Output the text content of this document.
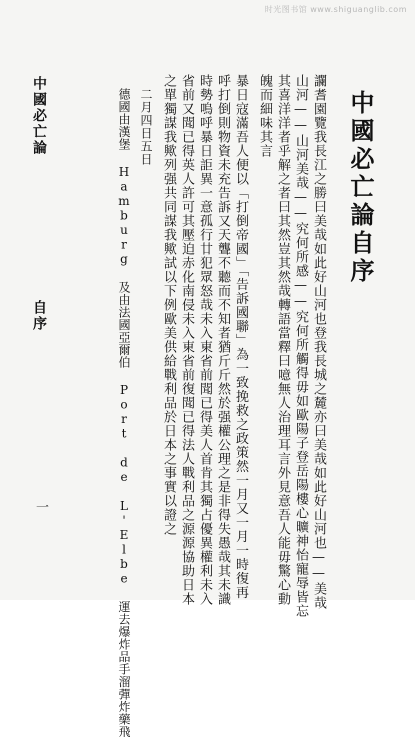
时光图书馆 www.shiguanglib.com
中國必亡論自序
讕耆園覽我長江之勝曰美哉如此好山河也登我長城之麓亦曰美哉如此好山河也——美哉
山河——山河美哉——究何所感——究何所觸得毋如歐陽子登岳陽樓心曠神怡寵辱皆忘
其喜洋洋者乎解之者曰其然豈其然哉轉語當釋曰噫無人治理耳言外見意吾人能毋驚心動
魄而細味其言
暴日寇滿吾人便以「打倒帝國」「告訴國聯」為一致挽救之政策然一月又一月一時復再
呼打倒則物資未充告訴又天聾不聽而不知者猶斤斤然於强權公理之是非得失愚哉其未識
時勢嗚呼暴日詎異一意孤行廿犯眾怒哉未入東省前聞已得美人首肯其獨占優異權利未入
省前又聞已得英人許可其壓迫赤化南侵未入東省前復聞已得法人戰利品之源源協助日本
之單獨謀我歟列强共同謀我歟試以下例歐美供給戰利品於日本之事實以證之
二月四日五日
德國由漢堡 Hamburg 及由法國亞爾伯 Port de L'Elbe 運去爆炸品手溜彈炸藥飛
中國必亡論
自序
一
